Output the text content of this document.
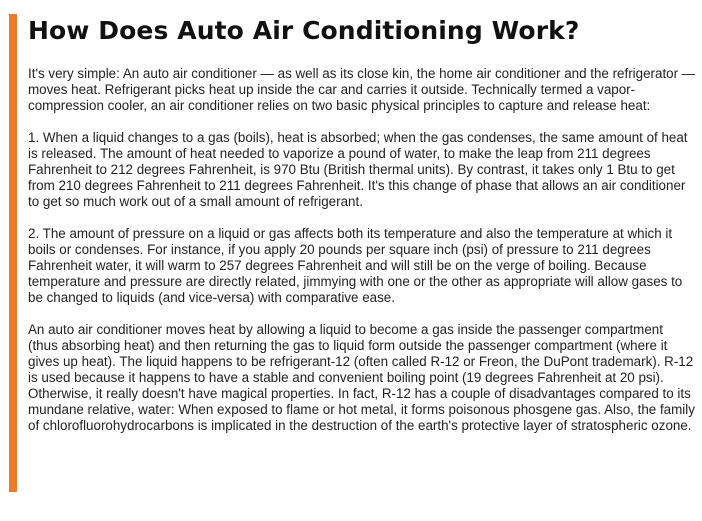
How Does Auto Air Conditioning Work?

It's very simple: An auto air conditioner — as well as its close kin, the home air conditioner and the refrigerator — moves heat. Refrigerant picks heat up inside the car and carries it outside. Technically termed a vapor-compression cooler, an air conditioner relies on two basic physical principles to capture and release heat:

1. When a liquid changes to a gas (boils), heat is absorbed; when the gas condenses, the same amount of heat is released. The amount of heat needed to vaporize a pound of water, to make the leap from 211 degrees Fahrenheit to 212 degrees Fahrenheit, is 970 Btu (British thermal units). By contrast, it takes only 1 Btu to get from 210 degrees Fahrenheit to 211 degrees Fahrenheit. It's this change of phase that allows an air conditioner to get so much work out of a small amount of refrigerant.

2. The amount of pressure on a liquid or gas affects both its temperature and also the temperature at which it boils or condenses. For instance, if you apply 20 pounds per square inch (psi) of pressure to 211 degrees Fahrenheit water, it will warm to 257 degrees Fahrenheit and will still be on the verge of boiling. Because temperature and pressure are directly related, jimmying with one or the other as appropriate will allow gases to be changed to liquids (and vice-versa) with comparative ease.

An auto air conditioner moves heat by allowing a liquid to become a gas inside the passenger compartment (thus absorbing heat) and then returning the gas to liquid form outside the passenger compartment (where it gives up heat). The liquid happens to be refrigerant-12 (often called R-12 or Freon, the DuPont trademark). R-12 is used because it happens to have a stable and convenient boiling point (19 degrees Fahrenheit at 20 psi). Otherwise, it really doesn't have magical properties. In fact, R-12 has a couple of disadvantages compared to its mundane relative, water: When exposed to flame or hot metal, it forms poisonous phosgene gas. Also, the family of chlorofluorohydrocarbons is implicated in the destruction of the earth's protective layer of stratospheric ozone.
